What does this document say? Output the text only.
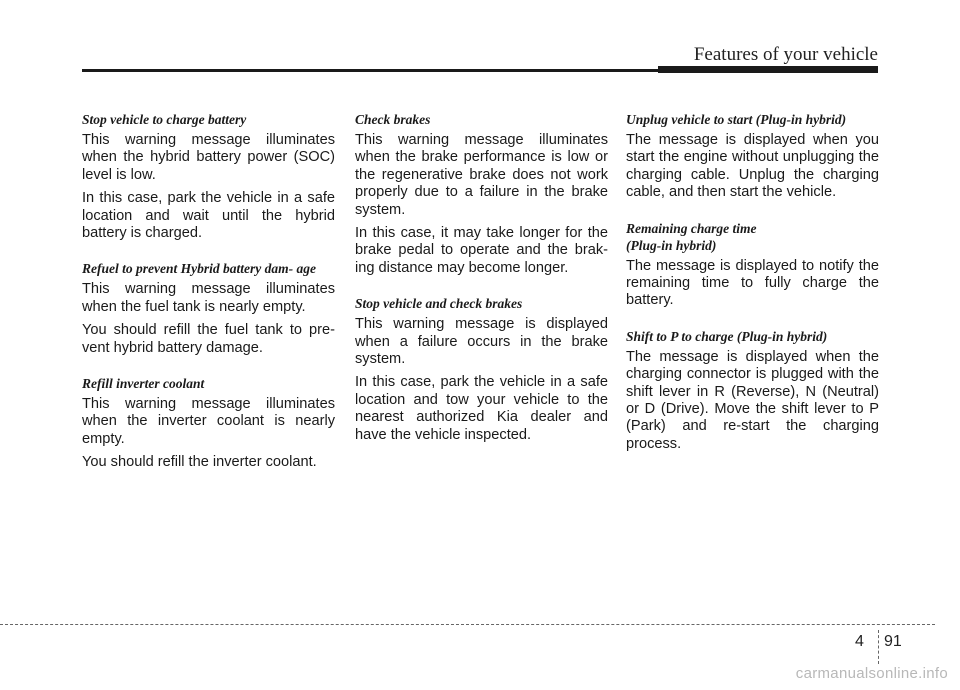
Features of your vehicle

Stop vehicle to charge battery

This warning message illuminates when the hybrid battery power (SOC) level is low.

In this case, park the vehicle in a safe location and wait until the hybrid battery is charged.

Refuel to prevent Hybrid battery dam- age

This warning message illuminates when the fuel tank is nearly empty.

You should refill the fuel tank to pre- vent hybrid battery damage.

Refill inverter coolant

This warning message illuminates when the inverter coolant is nearly empty.

You should refill the inverter coolant.

Check brakes

This warning message illuminates when the brake performance is low or the regenerative brake does not work properly due to a failure in the brake system.

In this case, it may take longer for the brake pedal to operate and the brak- ing distance may become longer.

Stop vehicle and check brakes

This warning message is displayed when a failure occurs in the brake system.

In this case, park the vehicle in a safe location and tow your vehicle to the nearest authorized Kia dealer and have the vehicle inspected.

Unplug vehicle to start (Plug-in hybrid)

The message is displayed when you start the engine without unplugging the charging cable. Unplug the charging cable, and then start the vehicle.

Remaining charge time

(Plug-in hybrid)

The message is displayed to notify the remaining time to fully charge the battery.

Shift to P to charge (Plug-in hybrid)

The message is displayed when the charging connector is plugged with the shift lever in R (Reverse), N (Neutral) or D (Drive). Move the shift lever to P (Park) and re-start the charging process.

4 91
carmanualsonline.info
